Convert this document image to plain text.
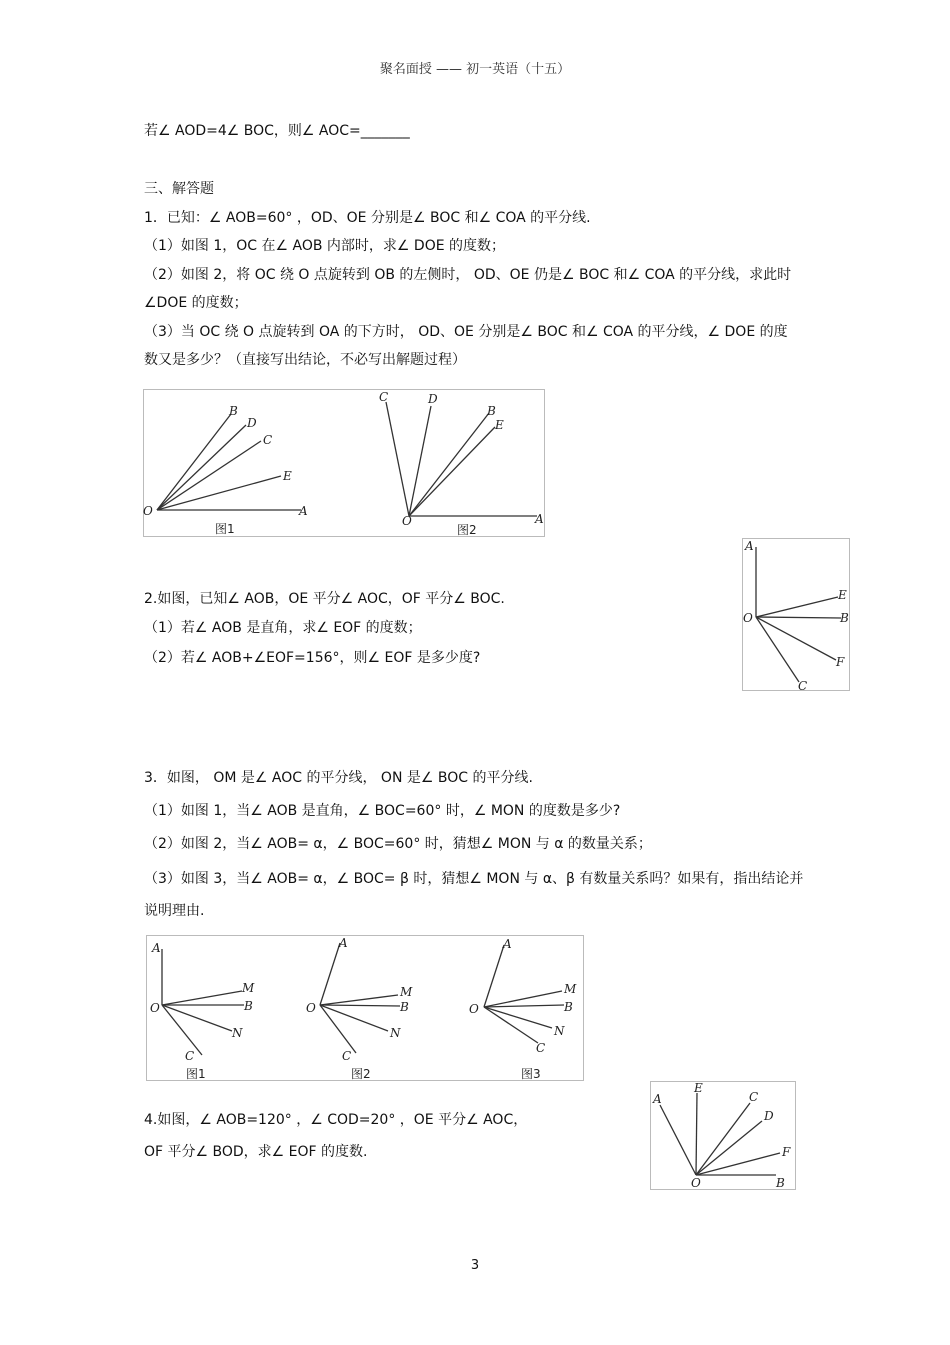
聚名面授 —— 初一英语（十五）
若∠ AOD=4∠ BOC，则∠ AOC=_______
三、解答题
1．已知：∠ AOB=60° ，OD、OE 分别是∠ BOC 和∠ COA 的平分线.
（1）如图 1，OC 在∠ AOB 内部时，求∠ DOE 的度数；
（2）如图 2，将 OC 绕 O 点旋转到 OB 的左侧时， OD、OE 仍是∠ BOC 和∠ COA 的平分线，求此时
∠DOE 的度数；
（3）当 OC 绕 O 点旋转到 OA 的下方时， OD、OE 分别是∠ BOC 和∠ COA 的平分线，∠ DOE 的度
数又是多少？（直接写出结论，不必写出解题过程）
O	A
B
D
C
E
图1
C	D
B
E
O	A
图2
2.如图，已知∠ AOB，OE 平分∠ AOC，OF 平分∠ BOC.
（1）若∠ AOB 是直角，求∠ EOF 的度数；
（2）若∠ AOB+∠EOF=156°，则∠ EOF 是多少度?
A
O
E
B
F
C
3．如图， OM 是∠ AOC 的平分线， ON 是∠ BOC 的平分线.
（1）如图 1，当∠ AOB 是直角，∠ BOC=60° 时，∠ MON 的度数是多少?
（2）如图 2，当∠ AOB= α，∠ BOC=60° 时，猜想∠ MON 与 α 的数量关系；
（3）如图 3，当∠ AOB= α，∠ BOC= β 时，猜想∠ MON 与 α、β 有数量关系吗？如果有，指出结论并
说明理由.
A
O
M
B
N
C
图1
A
O
M
B
N
C
图2
A
O
M
B
N
C
图3
4.如图，∠ AOB=120° ，∠ COD=20° ，OE 平分∠ AOC，
OF 平分∠ BOD，求∠ EOF 的度数.
A
E
C
D
F
O	B
3
